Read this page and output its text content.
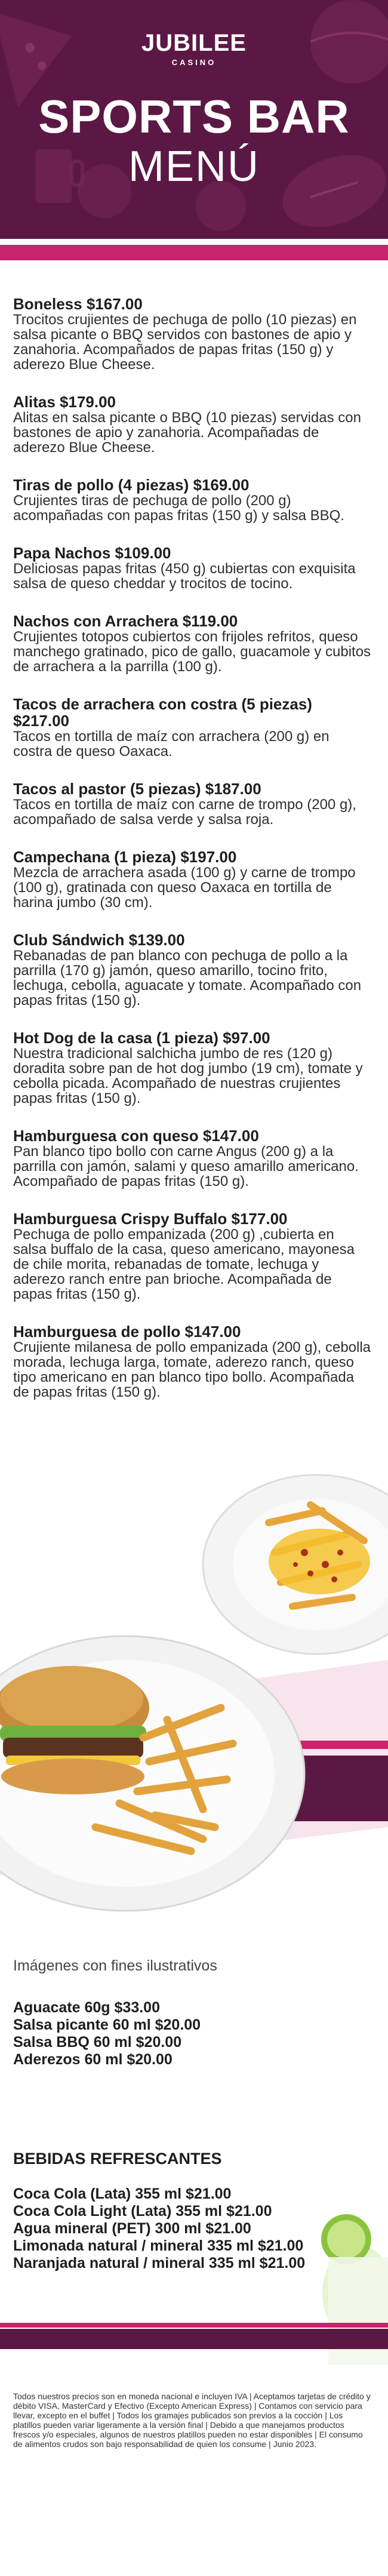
JUBILEE
CASINO
SPORTS BAR
MENÚ
Boneless $167.00

Trocitos crujientes de pechuga de pollo (10 piezas) en salsa picante o BBQ servidos con bastones de apio y zanahoria. Acompañados de papas fritas (150 g) y aderezo Blue Cheese.

Alitas $179.00

Alitas en salsa picante o BBQ (10 piezas) servidas con bastones de apio y zanahoria. Acompañadas de aderezo Blue Cheese.

Tiras de pollo (4 piezas) $169.00

Crujientes tiras de pechuga de pollo (200 g) acompañadas con papas fritas (150 g) y salsa BBQ.

Papa Nachos $109.00

Deliciosas papas fritas (450 g) cubiertas con exquisita salsa de queso cheddar y trocitos de tocino.

Nachos con Arrachera $119.00

Crujientes totopos cubiertos con frijoles refritos, queso manchego gratinado, pico de gallo, guacamole y cubitos de arrachera a la parrilla (100 g).

Tacos de arrachera con costra (5 piezas) $217.00

Tacos en tortilla de maíz con arrachera (200 g) en costra de queso Oaxaca.

Tacos al pastor (5 piezas) $187.00

Tacos en tortilla de maíz con carne de trompo (200 g), acompañado de salsa verde y salsa roja.

Campechana (1 pieza) $197.00

Mezcla de arrachera asada (100 g) y carne de trompo (100 g), gratinada con queso Oaxaca en tortilla de harina jumbo (30 cm).

Club Sándwich $139.00

Rebanadas de pan blanco con pechuga de pollo a la parrilla (170 g) jamón, queso amarillo, tocino frito, lechuga, cebolla, aguacate y tomate. Acompañado con papas fritas (150 g).

Hot Dog de la casa (1 pieza) $97.00

Nuestra tradicional salchicha jumbo de res (120 g) doradita sobre pan de hot dog jumbo (19 cm), tomate y cebolla picada. Acompañado de nuestras crujientes papas fritas (150 g).

Hamburguesa con queso $147.00

Pan blanco tipo bollo con carne Angus (200 g) a la parrilla con jamón, salami y queso amarillo americano. Acompañado de papas fritas (150 g).

Hamburguesa Crispy Buffalo $177.00

Pechuga de pollo empanizada (200 g) ,cubierta en salsa buffalo de la casa, queso americano, mayonesa de chile morita, rebanadas de tomate, lechuga y aderezo ranch entre pan brioche. Acompañada de papas fritas (150 g).

Hamburguesa de pollo $147.00

Crujiente milanesa de pollo empanizada (200 g), cebolla morada, lechuga larga, tomate, aderezo ranch, queso tipo americano en pan blanco tipo bollo. Acompañada de papas fritas (150 g).

Imágenes con fines ilustrativos
Aguacate 60g $33.00
Salsa picante 60 ml $20.00
Salsa BBQ 60 ml $20.00
Aderezos 60 ml $20.00
BEBIDAS REFRESCANTES
Coca Cola (Lata) 355 ml $21.00
Coca Cola Light (Lata) 355 ml $21.00
Agua mineral (PET) 300 ml $21.00
Limonada natural / mineral 335 ml $21.00
Naranjada natural / mineral 335 ml $21.00
Todos nuestros precios son en moneda nacional e incluyen IVA | Aceptamos tarjetas de crédito y débito VISA, MasterCard y Efectivo (Excepto American Express) | Contamos con servicio para llevar, excepto en el buffet | Todos los gramajes publicados son previos a la cocción | Los platillos pueden variar ligeramente a la versión final | Debido a que manejamos productos frescos y/o especiales, algunos de nuestros platillos pueden no estar disponibles | El consumo de alimentos crudos son bajo responsabilidad de quien los consume | Junio 2023.
